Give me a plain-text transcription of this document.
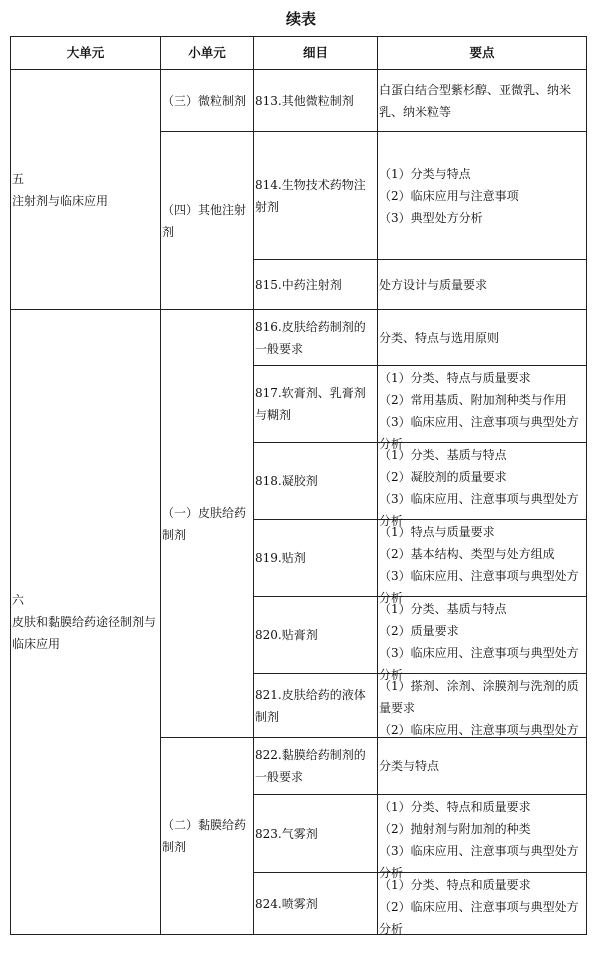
续表
大单元	小单元	细目	要点
五
注射剂与临床应用	（三）微粒制剂	813.其他微粒制剂	白蛋白结合型紫杉醇、亚微乳、纳米乳、纳米粒等

	（四）其他注射剂	814.生物技术药物注射剂	（1）分类与特点
（2）临床应用与注意事项
（3）典型处方分析

		815.中药注射剂	处方设计与质量要求

六
皮肤和黏膜给药途径制剂与临床应用	（一）皮肤给药制剂	816.皮肤给药制剂的一般要求	分类、特点与选用原则

		817.软膏剂、乳膏剂与糊剂	（1）分类、特点与质量要求
（2）常用基质、附加剂种类与作用
（3）临床应用、注意事项与典型处方分析

		818.凝胶剂	（1）分类、基质与特点
（2）凝胶剂的质量要求
（3）临床应用、注意事项与典型处方分析

		819.贴剂	（1）特点与质量要求
（2）基本结构、类型与处方组成
（3）临床应用、注意事项与典型处方分析

		820.贴膏剂	（1）分类、基质与特点
（2）质量要求
（3）临床应用、注意事项与典型处方分析

		821.皮肤给药的液体制剂	（1）搽剂、涂剂、涂膜剂与洗剂的质量要求
（2）临床应用、注意事项与典型处方

	（二）黏膜给药制剂	822.黏膜给药制剂的一般要求	分类与特点

		823.气雾剂	（1）分类、特点和质量要求
（2）抛射剂与附加剂的种类
（3）临床应用、注意事项与典型处方分析

		824.喷雾剂	（1）分类、特点和质量要求
（2）临床应用、注意事项与典型处方分析
